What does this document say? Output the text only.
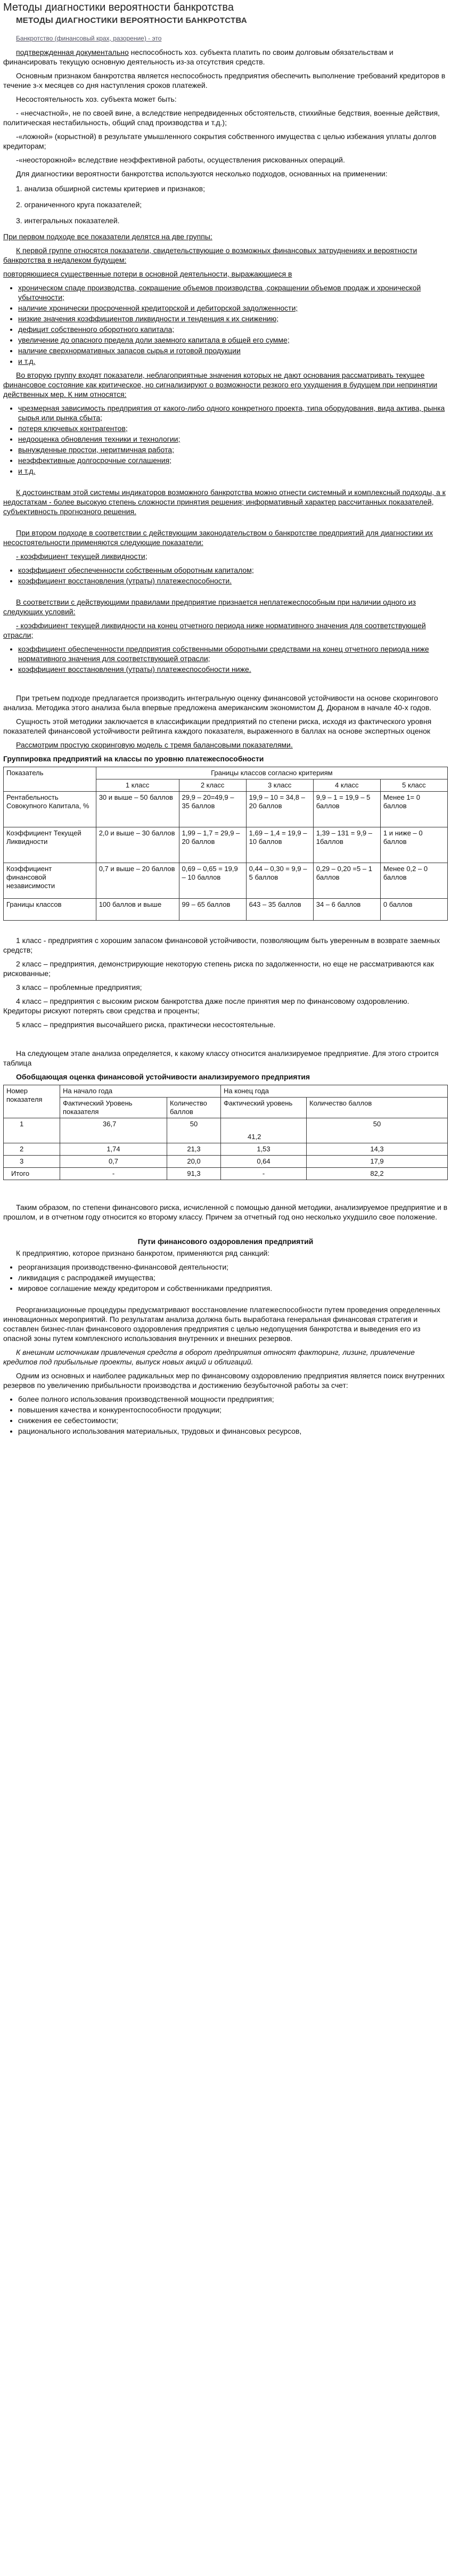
Методы диагностики вероятности банкротства
МЕТОДЫ ДИАГНОСТИКИ ВЕРОЯТНОСТИ БАНКРОТСТВА

Банкротство (финансовый крах, разорение) - это

подтвержденная документально неспособность хоз. субъекта платить по своим долговым обязательствам и финансировать текущую основную деятельность из-за отсутствия средств.

Основным признаком банкротства является неспособность предприятия обеспечить выполнение требований кредиторов в течение з-х месяцев со дня наступления сроков платежей.

Несостоятельность хоз. субъекта может быть:

- «несчастной», не по своей вине, а вследствие непредвиденных обстоятельств, стихийные бедствия, военные действия, политическая нестабильность, общий спад производства и т.д.);

-«ложной» (корыстной) в результате умышленного сокрытия собственного имущества с целью избежания уплаты долгов кредиторам;

-«неосторожной» вследствие неэффективной работы, осуществления рискованных операций.

Для диагностики вероятности банкротства используются несколько подходов, основанных на применении:

1. анализа обширной системы критериев и признаков;

2. ограниченного круга показателей;

3. интегральных показателей.

При первом подходе все показатели делятся на две группы:

К первой группе относятся показатели, свидетельствующие о возможных финансовых затруднениях и вероятности банкротства в недалеком будущем:

повторяющиеся существенные потери в основной деятельности, выражающиеся в

• хроническом спаде производства, сокращение объемов производства ,сокращении объемов продаж и хронической убыточности;
• наличие хронически просроченной кредиторской и дебиторской задолженности;
• низкие значения коэффициентов ликвидности и тенденция к их снижению;
• дефицит собственного оборотного капитала;
• увеличение до опасного предела доли заемного капитала в общей его сумме;
• наличие сверхнормативных запасов сырья и готовой продукции
• и т.д.

Во вторую группу входят показатели, неблагоприятные значения которых не дают основания рассматривать текущее финансовое состояние как критическое, но сигнализируют о возможности резкого его ухудшения в будущем при непринятии действенных мер. К ним относятся:

• чрезмерная зависимость предприятия от какого-либо одного конкретного проекта, типа оборудования, вида актива, рынка сырья или рынка сбыта;
• потеря ключевых контрагентов;
• недооценка обновления техники и технологии;
• вынужденные простои, неритмичная работа;
• неэффективные долгосрочные соглашения;
• и т.д.

К достоинствам этой системы индикаторов возможного банкротства можно отнести системный и комплексный подходы, а к недостаткам - более высокую степень сложности принятия решения; информативный характер рассчитанных показателей, субъективность прогнозного решения.

При втором подходе в соответствии с действующим законодательством о банкротстве предприятий для диагностики их несостоятельности применяются следующие показатели:

- коэффициент текущей ликвидности;

• коэффициент обеспеченности собственным оборотным капиталом;
• коэффициент восстановления (утраты) платежеспособности.

В соответствии с действующими правилами предприятие признается неплатежеспособным при наличии одного из следующих условий:

- коэффициент текущей ликвидности на конец отчетного периода ниже нормативного значения для соответствующей отрасли;

• коэффициент обеспеченности предприятия собственными оборотными средствами на конец отчетного периода ниже нормативного значения для соответствующей отрасли;
• коэффициент восстановления (утраты) платежеспособности ниже.

При третьем подходе предлагается производить интегральную оценку финансовой устойчивости на основе скорингового анализа. Методика этого анализа была впервые предложена американским экономистом Д. Дюраном в начале 40-х годов.

Сущность этой методики заключается в классификации предприятий по степени риска, исходя из фактического уровня показателей финансовой устойчивости рейтинга каждого показателя, выраженного в баллах на основе экспертных оценок

Рассмотрим простую скоринговую модель с тремя балансовыми показателями.

Группировка предприятий на классы по уровню платежеспособности
Показатель	Границы классов согласно критериям				
	1 класс	2 класс	3 класс	4 класс	5 класс
Рентабельность Совокупного Капитала, %	30 и выше – 50 баллов	29,9 – 20=49,9 – 35 баллов	19,9 – 10 = 34,8 – 20 баллов	9,9 – 1 = 19,9 – 5 баллов	Менее 1= 0 баллов
Коэффициент Текущей Ликвидности	2,0 и выше – 30 баллов	1,99 – 1,7 = 29,9 –20 баллов	1,69 – 1,4 = 19,9 – 10 баллов	1,39 – 131 = 9,9 –1баллов	1 и ниже – 0 баллов
Коэффициент финансовой независимости	0,7 и выше – 20 баллов	0,69 – 0,65 = 19,9 – 10 баллов	0,44 – 0,30 = 9,9 – 5 баллов	0,29 – 0,20 =5 – 1 баллов	Менее 0,2 – 0 баллов
Границы классов	100 баллов и выше	99 – 65 баллов	643 – 35 баллов	34 – 6 баллов	0 баллов

1 класс - предприятия с хорошим запасом финансовой устойчивости, позволяющим быть уверенным в возврате заемных средств;

2 класс – предприятия, демонстрирующие некоторую степень риска по задолженности, но еще не рассматриваются как рискованные;

3 класс – проблемные предприятия;

4 класс – предприятия с высоким риском банкротства даже после принятия мер по финансовому оздоровлению. Кредиторы рискуют потерять свои средства и проценты;

5 класс – предприятия высочайшего риска, практически несостоятельные.

На следующем этапе анализа определяется, к какому классу относится анализируемое предприятие. Для этого строится таблица

Обобщающая оценка финансовой устойчивости анализируемого предприятия
Номер показателя	На начало года		На конец года	
	Фактический Уровень показателя	Количество баллов	Фактический уровень	Количество баллов
1	36,7	50	41,2	50
2	1,74	21,3	1,53	14,3
3	0,7	20,0	0,64	17,9
Итого	-	91,3	-	82,2

Таким образом, по степени финансового риска, исчисленной с помощью данной методики, анализируемое предприятие и в прошлом, и в отчетном году относится ко второму классу. Причем за отчетный год оно несколько ухудшило свое положение.

Пути финансового оздоровления предприятий

К предприятию, которое признано банкротом, применяются ряд санкций:

• реорганизация производственно-финансовой деятельности;
• ликвидация с распродажей имущества;
• мировое соглашение между кредитором и собственниками предприятия.

Реорганизационные процедуры предусматривают восстановление платежеспособности путем проведения определенных инновационных мероприятий. По результатам анализа должна быть выработана генеральная финансовая стратегия и составлен бизнес-план финансового оздоровления предприятия с целью недопущения банкротства и выведения его из опасной зоны путем комплексного использования внутренних и внешних резервов.

К внешним источникам привлечения средств в оборот предприятия относят факторинг, лизинг, привлечение кредитов под прибыльные проекты, выпуск новых акций и облигаций.

Одним из основных и наиболее радикальных мер по финансовому оздоровлению предприятия является поиск внутренних резервов по увеличению прибыльности производства и достижению безубыточной работы за счет:

• более полного использования производственной мощности предприятия;
• повышения качества и конкурентоспособности продукции;
• снижения ее себестоимости;
• рационального использования материальных, трудовых и финансовых ресурсов,
